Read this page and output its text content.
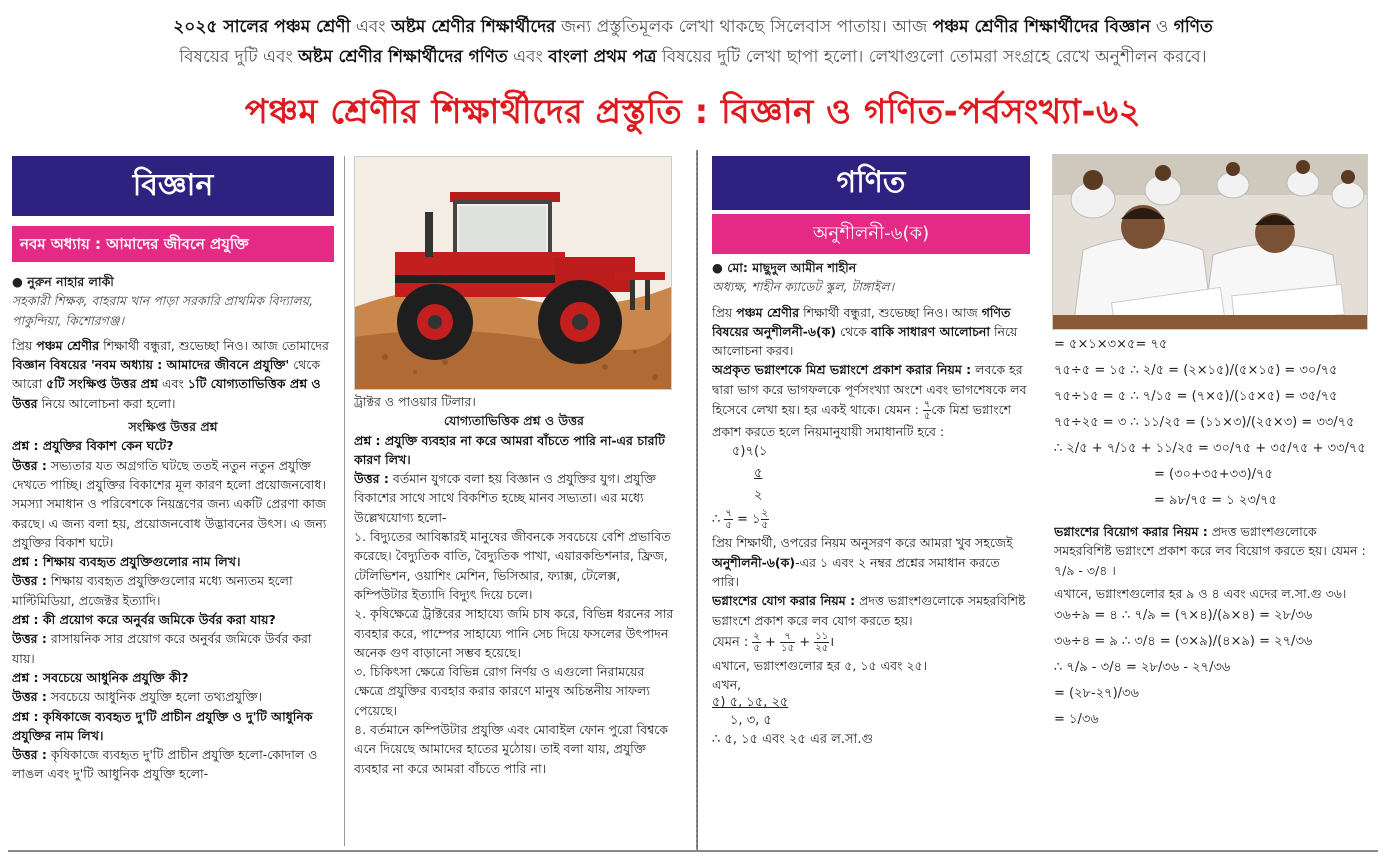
২০২৫ সালের পঞ্চম শ্রেণী এবং অষ্টম শ্রেণীর শিক্ষার্থীদের জন্য প্রস্তুতিমূলক লেখা থাকছে সিলেবাস পাতায়। আজ পঞ্চম শ্রেণীর শিক্ষার্থীদের বিজ্ঞান ও গণিত
বিষয়ের দুটি এবং অষ্টম শ্রেণীর শিক্ষার্থীদের গণিত এবং বাংলা প্রথম পত্র বিষয়ের দুটি লেখা ছাপা হলো। লেখাগুলো তোমরা সংগ্রহে রেখে অনুশীলন করবে।
পঞ্চম শ্রেণীর শিক্ষার্থীদের প্রস্তুতি : বিজ্ঞান ও গণিত-পর্বসংখ্যা-৬২
বিজ্ঞান
নবম অধ্যায় : আমাদের জীবনে প্রযুক্তি

● নুরুন নাহার লাকী

সহকারী শিক্ষক, বাহরাম খান পাড়া সরকারি প্রাথমিক বিদ্যালয়, পাকুন্দিয়া, কিশোরগঞ্জ।

প্রিয় পঞ্চম শ্রেণীর শিক্ষার্থী বন্ধুরা, শুভেচ্ছা নিও। আজ তোমাদের বিজ্ঞান বিষয়ের 'নবম অধ্যায় : আমাদের জীবনে প্রযুক্তি' থেকে আরো ৫টি সংক্ষিপ্ত উত্তর প্রশ্ন এবং ১টি যোগ্যতাভিত্তিক প্রশ্ন ও উত্তর নিয়ে আলোচনা করা হলো।

সংক্ষিপ্ত উত্তর প্রশ্ন

প্রশ্ন : প্রযুক্তির বিকাশ কেন ঘটে?

উত্তর : সভ্যতার যত অগ্রগতি ঘটছে ততই নতুন নতুন প্রযুক্তি দেখতে পাচ্ছি। প্রযুক্তির বিকাশের মূল কারণ হলো প্রয়োজনবোধ। সমস্যা সমাধান ও পরিবেশকে নিয়ন্ত্রণের জন্য একটি প্রেরণা কাজ করছে। এ জন্য বলা হয়, প্রয়োজনবোধ উদ্ভাবনের উৎস। এ জন্য প্রযুক্তির বিকাশ ঘটে।

প্রশ্ন : শিক্ষায় ব্যবহৃত প্রযুক্তিগুলোর নাম লিখ।

উত্তর : শিক্ষায় ব্যবহৃত প্রযুক্তিগুলোর মধ্যে অন্যতম হলো মাল্টিমিডিয়া, প্রজেক্টর ইত্যাদি।

প্রশ্ন : কী প্রয়োগ করে অনুর্বর জমিকে উর্বর করা যায়?

উত্তর : রাসায়নিক সার প্রয়োগ করে অনুর্বর জমিকে উর্বর করা যায়।

প্রশ্ন : সবচেয়ে আধুনিক প্রযুক্তি কী?

উত্তর : সবচেয়ে আধুনিক প্রযুক্তি হলো তথ্যপ্রযুক্তি।

প্রশ্ন : কৃষিকাজে ব্যবহৃত দু'টি প্রাচীন প্রযুক্তি ও দু'টি আধুনিক প্রযুক্তির নাম লিখ।

উত্তর : কৃষিকাজে ব্যবহৃত দু'টি প্রাচীন প্রযুক্তি হলো-কোদাল ও লাঙল এবং দু'টি আধুনিক প্রযুক্তি হলো-

ট্রাক্টর ও পাওয়ার টিলার।

যোগ্যতাভিত্তিক প্রশ্ন ও উত্তর

প্রশ্ন : প্রযুক্তি ব্যবহার না করে আমরা বাঁচতে পারি না-এর চারটি কারণ লিখ।

উত্তর : বর্তমান যুগকে বলা হয় বিজ্ঞান ও প্রযুক্তির যুগ। প্রযুক্তি বিকাশের সাথে সাথে বিকশিত হচ্ছে মানব সভ্যতা। এর মধ্যে উল্লেখযোগ্য হলো-

১. বিদ্যুতের আবিষ্কারই মানুষের জীবনকে সবচেয়ে বেশি প্রভাবিত করেছে। বৈদ্যুতিক বাতি, বৈদ্যুতিক পাখা, এয়ারকন্ডিশনার, ফ্রিজ, টেলিভিশন, ওয়াশিং মেশিন, ভিসিআর, ফ্যাক্স, টেলেক্স, কম্পিউটার ইত্যাদি বিদ্যুৎ দিয়ে চলে।

২. কৃষিক্ষেত্রে ট্রাক্টরের সাহায্যে জমি চাষ করে, বিভিন্ন ধরনের সার ব্যবহার করে, পাম্পের সাহায্যে পানি সেচ দিয়ে ফসলের উৎপাদন অনেক গুণ বাড়ানো সম্ভব হয়েছে।

৩. চিকিৎসা ক্ষেত্রে বিভিন্ন রোগ নির্ণয় ও এগুলো নিরাময়ের ক্ষেত্রে প্রযুক্তির ব্যবহার করার কারণে মানুষ অচিন্তনীয় সাফল্য পেয়েছে।

৪. বর্তমানে কম্পিউটার প্রযুক্তি এবং মোবাইল ফোন পুরো বিশ্বকে এনে দিয়েছে আমাদের হাতের মুঠোয়। তাই বলা যায়, প্রযুক্তি ব্যবহার না করে আমরা বাঁচতে পারি না।

গণিত
অনুশীলনী-৬(ক)

● মো: মাছুদুল আমীন শাহীন

অধ্যক্ষ, শাহীন ক্যাডেট স্কুল, টাঙ্গাইল।

প্রিয় পঞ্চম শ্রেণীর শিক্ষার্থী বন্ধুরা, শুভেচ্ছা নিও। আজ গণিত বিষয়ের অনুশীলনী-৬(ক) থেকে বাকি সাধারণ আলোচনা নিয়ে আলোচনা করব।

অপ্রকৃত ভগ্নাংশকে মিশ্র ভগ্নাংশে প্রকাশ করার নিয়ম : লবকে হর দ্বারা ভাগ করে ভাগফলকে পূর্ণসংখ্যা অংশে এবং ভাগশেষকে লব হিসেবে লেখা হয়। হর একই থাকে। যেমন : $\frac{৭}{৫}$ কে মিশ্র ভগ্নাংশে প্রকাশ করতে হলে নিয়মানুযায়ী সমাধানটি হবে :

৫)৭(১
৫
২

∴ $\frac{৭}{৫}$ = ১ $\frac{২}{৫}$

প্রিয় শিক্ষার্থী, ওপরের নিয়ম অনুসরণ করে আমরা খুব সহজেই অনুশীলনী-৬(ক)-এর ১ এবং ২ নম্বর প্রশ্নের সমাধান করতে পারি।

ভগ্নাংশের যোগ করার নিয়ম : প্রদত্ত ভগ্নাংশগুলোকে সমহরবিশিষ্ট ভগ্নাংশে প্রকাশ করে লব যোগ করতে হয়।

যেমন : $\frac{২}{৫} + \frac{৭}{১৫} + \frac{১১}{২৫}$ ।

এখানে, ভগ্নাংশগুলোর হর ৫, ১৫ এবং ২৫।

এখন,

৫) ৫, ১৫, ২৫

১, ৩, ৫

∴ ৫, ১৫ এবং ২৫ এর ল.সা.গু

= ৫×১×৩×৫= ৭৫
৭৫÷৫ = ১৫ ∴ ২/৫ = (২×১৫)/(৫×১৫) = ৩০/৭৫
৭৫÷১৫ = ৫ ∴ ৭/১৫ = (৭×৫)/(১৫×৫) = ৩৫/৭৫
৭৫÷২৫ = ৩ ∴ ১১/২৫ = (১১×৩)/(২৫×৩) = ৩৩/৭৫
∴ ২/৫ + ৭/১৫ + ১১/২৫ = ৩০/৭৫ + ৩৫/৭৫ + ৩৩/৭৫
= (৩০+৩৫+৩৩)/৭৫
= ৯৮/৭৫ = ১ ২৩/৭৫

ভগ্নাংশের বিয়োগ করার নিয়ম : প্রদত্ত ভগ্নাংশগুলোকে সমহরবিশিষ্ট ভগ্নাংশে প্রকাশ করে লব বিয়োগ করতে হয়। যেমন : ৭/৯ - ৩/৪ ।

এখানে, ভগ্নাংশগুলোর হর ৯ ও ৪ এবং এদের ল.সা.গু ৩৬।

৩৬÷৯ = ৪ ∴ ৭/৯ = (৭×৪)/(৯×৪) = ২৮/৩৬
৩৬÷৪ = ৯ ∴ ৩/৪ = (৩×৯)/(৪×৯) = ২৭/৩৬
∴ ৭/৯ - ৩/৪ = ২৮/৩৬ - ২৭/৩৬
= (২৮-২৭)/৩৬
= ১/৩৬
